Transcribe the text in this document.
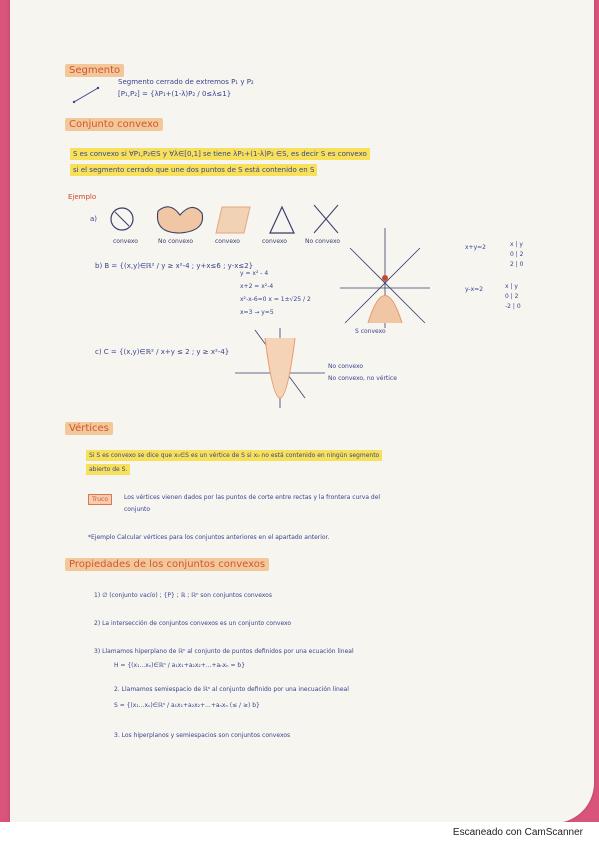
Segmento
Segmento cerrado de extremos P₁ y P₂
[P₁,P₂] = {λP₁+(1-λ)P₂ / 0≤λ≤1}
Conjunto convexo
S es convexo si ∀P₁,P₂∈S y ∀λ∈[0,1] se tiene λP₁+(1-λ)P₂ ∈S, es decir S es convexo
si el segmento cerrado que une dos puntos de S está contenido en S
Ejemplo
a)
convexo	No convexo	convexo	convexo	No convexo
b) B = {(x,y)∈ℝ² / y ≥ x²-4 ; y+x≤6 ; y-x≤2}
y = x² - 4
x+2 = x²-4
x²-x-6=0 x = 1±√25 / 2
x=3 → y=5
S convexo
x+y=2	x | y
0 | 2
2 | 0
y-x=2	x | y
0 | 2
-2 | 0
c) C = {(x,y)∈ℝ² / x+y ≤ 2 ; y ≥ x²-4}
No convexo
No convexo, no vértice
Vértices
Si S es convexo se dice que x₀∈S es un vértice de S si x₀ no está contenido en ningún segmento
abierto de S.
Truco	Los vértices vienen dados por las puntos de corte entre rectas y la frontera curva del
conjunto
*Ejemplo Calcular vértices para los conjuntos anteriores en el apartado anterior.
Propiedades de los conjuntos convexos
1) ∅ (conjunto vacío) ; {P} ; ℝ ; ℝⁿ son conjuntos convexos
2) La intersección de conjuntos convexos es un conjunto convexo
3) Llamamos hiperplano de ℝⁿ al conjunto de puntos definidos por una ecuación lineal
H = {(x₁...xₙ)∈ℝⁿ / a₁x₁+a₂x₂+...+aₙxₙ = b}
2. Llamamos semiespacio de ℝⁿ al conjunto definido por una inecuación lineal
S = {(x₁...xₙ)∈ℝⁿ / a₁x₁+a₂x₂+...+aₙxₙ (≤ / ≥) b}
3. Los hiperplanos y semiespacios son conjuntos convexos
Escaneado con CamScanner
